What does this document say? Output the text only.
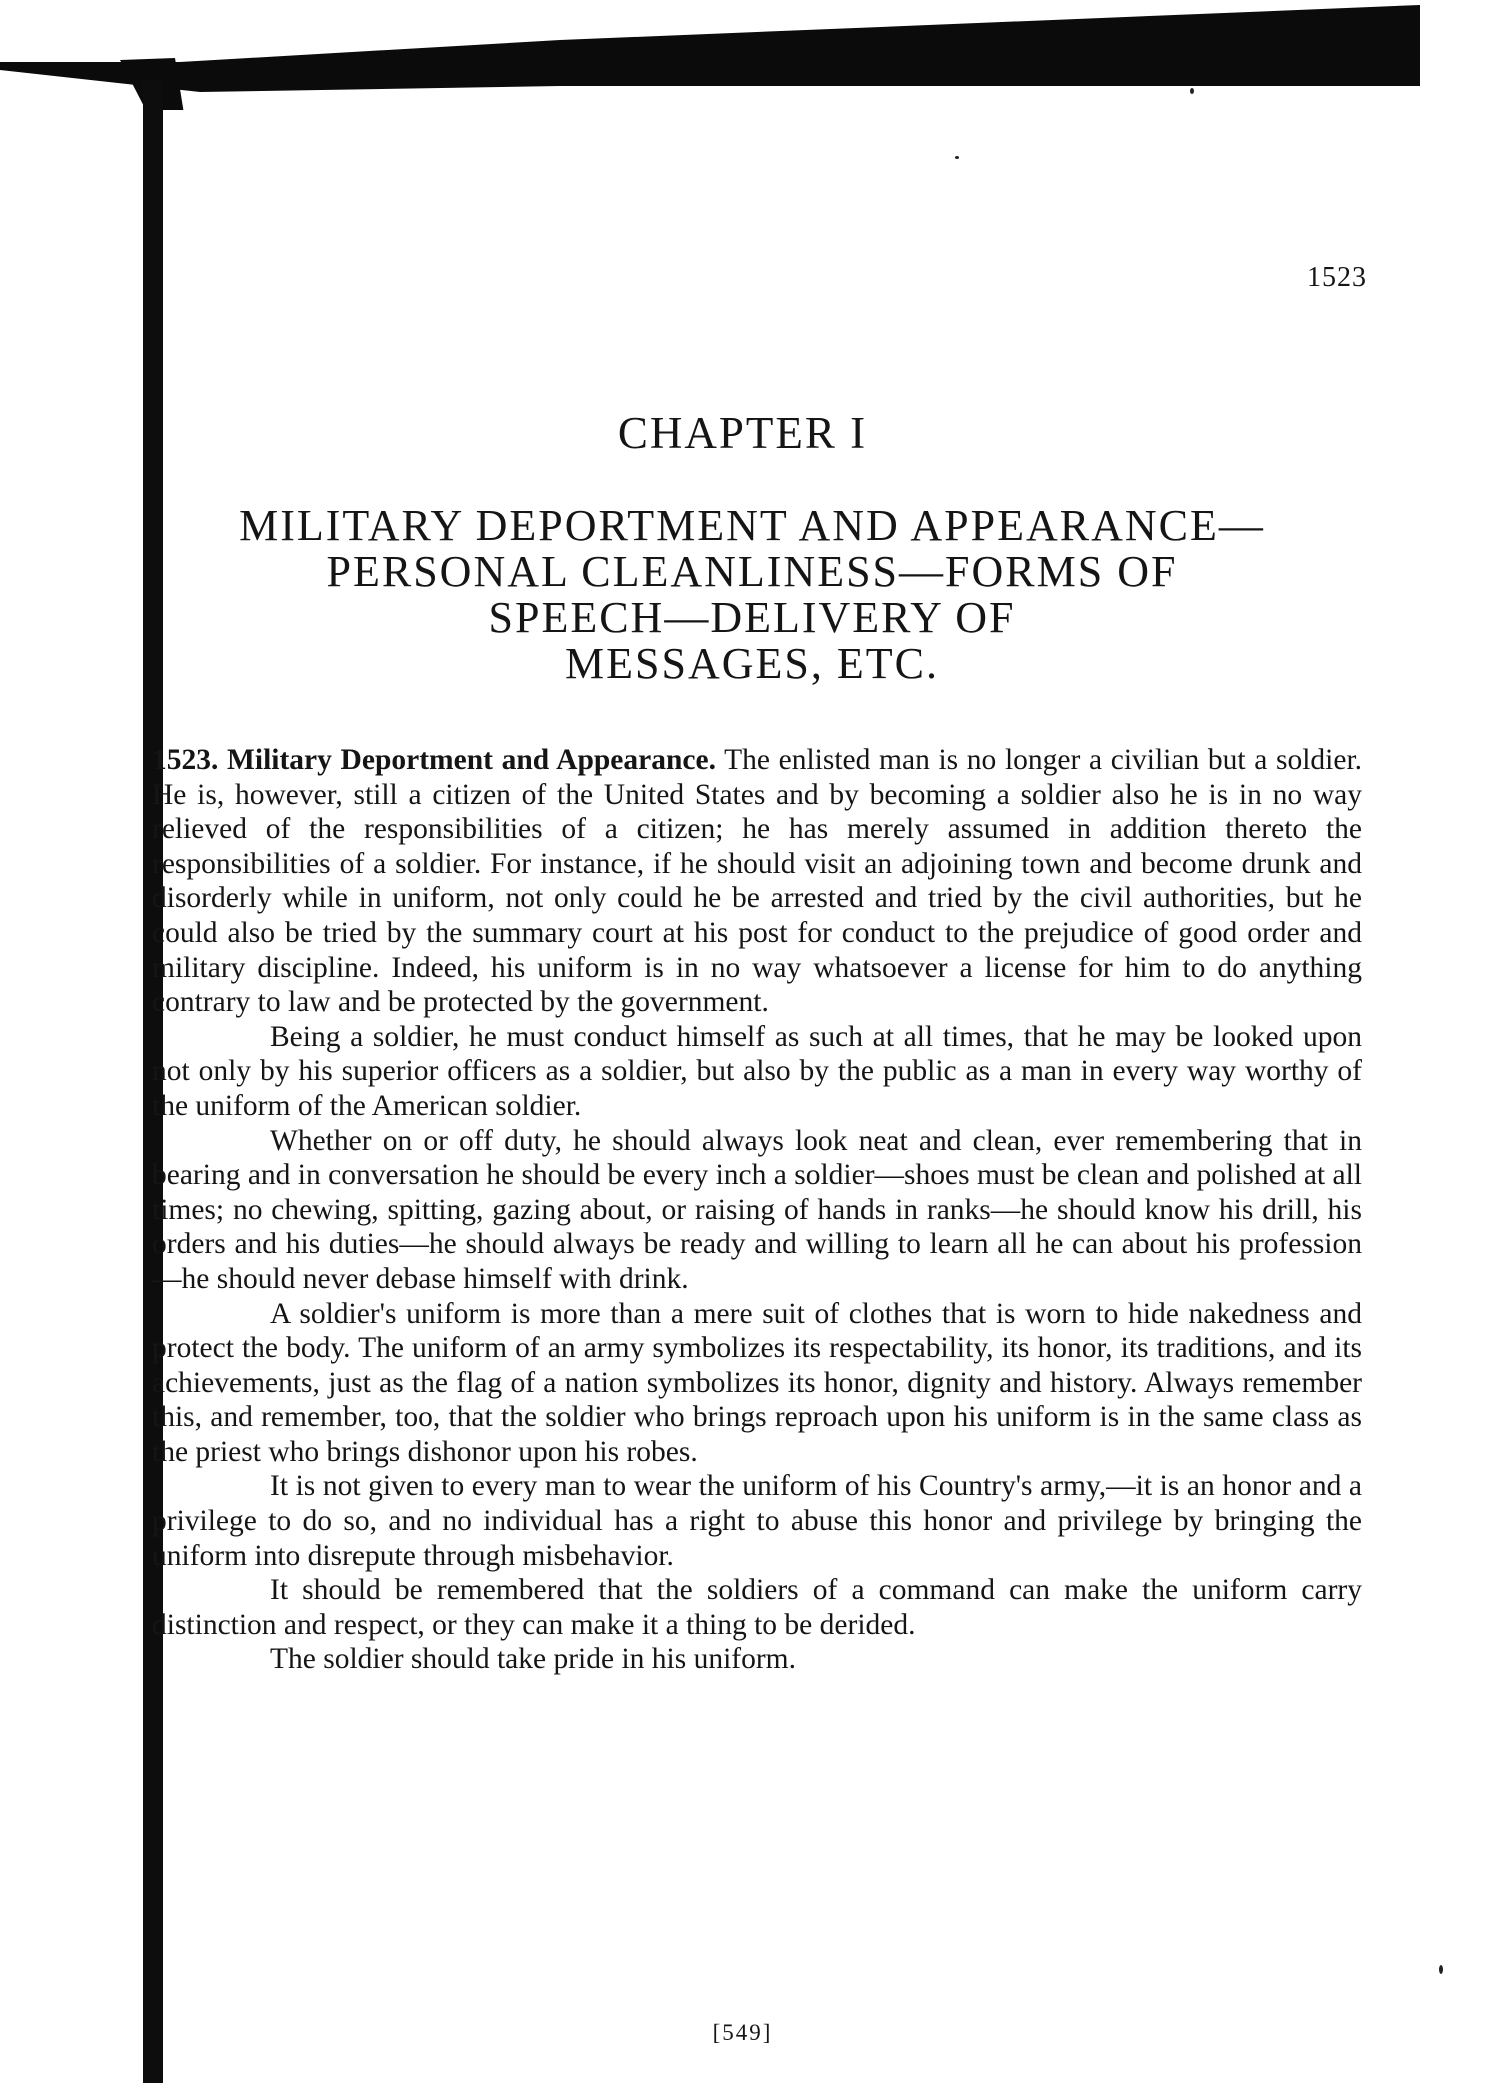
1523
CHAPTER I
MILITARY DEPORTMENT AND APPEARANCE—
PERSONAL CLEANLINESS—FORMS OF
SPEECH—DELIVERY OF
MESSAGES, ETC.

1523. Military Deportment and Appearance. The enlisted man is no longer a civilian but a soldier. He is, however, still a citizen of the United States and by becoming a soldier also he is in no way relieved of the responsibilities of a citizen; he has merely assumed in addition thereto the responsibilities of a soldier. For instance, if he should visit an adjoining town and become drunk and disorderly while in uniform, not only could he be arrested and tried by the civil authorities, but he could also be tried by the summary court at his post for conduct to the prejudice of good order and military discipline. Indeed, his uniform is in no way whatsoever a license for him to do anything contrary to law and be protected by the government.

Being a soldier, he must conduct himself as such at all times, that he may be looked upon not only by his superior officers as a soldier, but also by the public as a man in every way worthy of the uniform of the American soldier.

Whether on or off duty, he should always look neat and clean, ever remembering that in bearing and in conversation he should be every inch a soldier—shoes must be clean and polished at all times; no chewing, spitting, gazing about, or raising of hands in ranks—he should know his drill, his orders and his duties—he should always be ready and willing to learn all he can about his profession—he should never debase himself with drink.

A soldier's uniform is more than a mere suit of clothes that is worn to hide nakedness and protect the body. The uniform of an army symbolizes its respectability, its honor, its traditions, and its achievements, just as the flag of a nation symbolizes its honor, dignity and history. Always remember this, and remember, too, that the soldier who brings reproach upon his uniform is in the same class as the priest who brings dishonor upon his robes.

It is not given to every man to wear the uniform of his Country's army,—it is an honor and a privilege to do so, and no individual has a right to abuse this honor and privilege by bringing the uniform into disrepute through misbehavior.

It should be remembered that the soldiers of a command can make the uniform carry distinction and respect, or they can make it a thing to be derided.

The soldier should take pride in his uniform.

[549]
